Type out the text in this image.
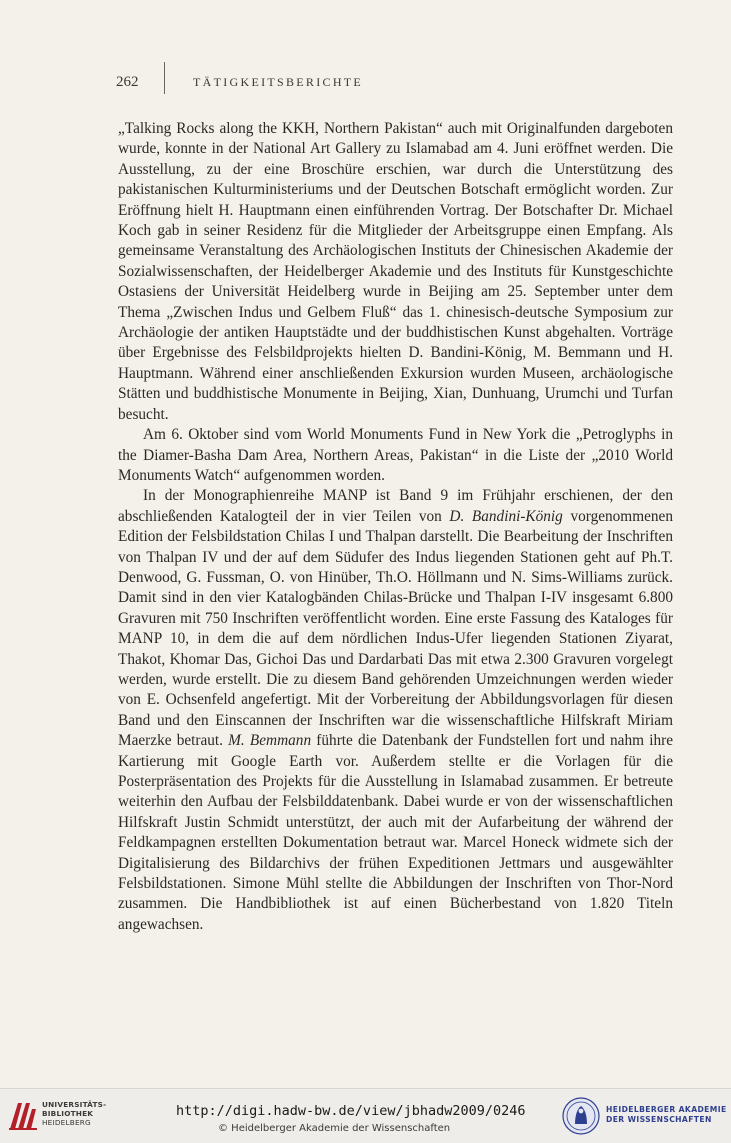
262	TÄTIGKEITSBERICHTE

„Talking Rocks along the KKH, Northern Pakistan“ auch mit Originalfunden dargeboten wurde, konnte in der National Art Gallery zu Islamabad am 4. Juni eröffnet werden. Die Ausstellung, zu der eine Broschüre erschien, war durch die Unterstützung des pakistanischen Kulturministeriums und der Deutschen Botschaft ermöglicht worden. Zur Eröffnung hielt H. Hauptmann einen einführenden Vortrag. Der Botschafter Dr. Michael Koch gab in seiner Residenz für die Mitglieder der Arbeitsgruppe einen Empfang. Als gemeinsame Veranstaltung des Archäologischen Instituts der Chinesischen Akademie der Sozialwissenschaften, der Heidelberger Akademie und des Instituts für Kunstgeschichte Ostasiens der Universität Heidelberg wurde in Beijing am 25. September unter dem Thema „Zwischen Indus und Gelbem Fluß“ das 1. chinesisch-deutsche Symposium zur Archäologie der antiken Hauptstädte und der buddhistischen Kunst abgehalten. Vorträge über Ergebnisse des Felsbildprojekts hielten D. Bandini-König, M. Bemmann und H. Hauptmann. Während einer anschließenden Exkursion wurden Museen, archäologische Stätten und buddhistische Monumente in Beijing, Xian, Dunhuang, Urumchi und Turfan besucht.

Am 6. Oktober sind vom World Monuments Fund in New York die „Petroglyphs in the Diamer-Basha Dam Area, Northern Areas, Pakistan“ in die Liste der „2010 World Monuments Watch“ aufgenommen worden.

In der Monographienreihe MANP ist Band 9 im Frühjahr erschienen, der den abschließenden Katalogteil der in vier Teilen von D. Bandini-König vorgenommenen Edition der Felsbildstation Chilas I und Thalpan darstellt. Die Bearbeitung der Inschriften von Thalpan IV und der auf dem Südufer des Indus liegenden Stationen geht auf Ph.T. Denwood, G. Fussman, O. von Hinüber, Th.O. Höllmann und N. Sims-Williams zurück. Damit sind in den vier Katalogbänden Chilas-Brücke und Thalpan I-IV insgesamt 6.800 Gravuren mit 750 Inschriften veröffentlicht worden. Eine erste Fassung des Kataloges für MANP 10, in dem die auf dem nördlichen Indus-Ufer liegenden Stationen Ziyarat, Thakot, Khomar Das, Gichoi Das und Dardarbati Das mit etwa 2.300 Gravuren vorgelegt werden, wurde erstellt. Die zu diesem Band gehörenden Umzeichnungen werden wieder von E. Ochsenfeld angefertigt. Mit der Vorbereitung der Abbildungsvorlagen für diesen Band und den Einscannen der Inschriften war die wissenschaftliche Hilfskraft Miriam Maerzke betraut. M. Bemmann führte die Datenbank der Fundstellen fort und nahm ihre Kartierung mit Google Earth vor. Außerdem stellte er die Vorlagen für die Posterpräsentation des Projekts für die Ausstellung in Islamabad zusammen. Er betreute weiterhin den Aufbau der Felsbilddatenbank. Dabei wurde er von der wissenschaftlichen Hilfskraft Justin Schmidt unterstützt, der auch mit der Aufarbeitung der während der Feldkampagnen erstellten Dokumentation betraut war. Marcel Honeck widmete sich der Digitalisierung des Bildarchivs der frühen Expeditionen Jettmars und ausgewählter Felsbildstationen. Simone Mühl stellte die Abbildungen der Inschriften von Thor-Nord zusammen. Die Handbibliothek ist auf einen Bücherbestand von 1.820 Titeln angewachsen.

UNIVERSITÄTS-
BIBLIOTHEK
HEIDELBERG
http://digi.hadw-bw.de/view/jbhadw2009/0246
© Heidelberger Akademie der Wissenschaften
HEIDELBERGER AKADEMIE
DER WISSENSCHAFTEN
